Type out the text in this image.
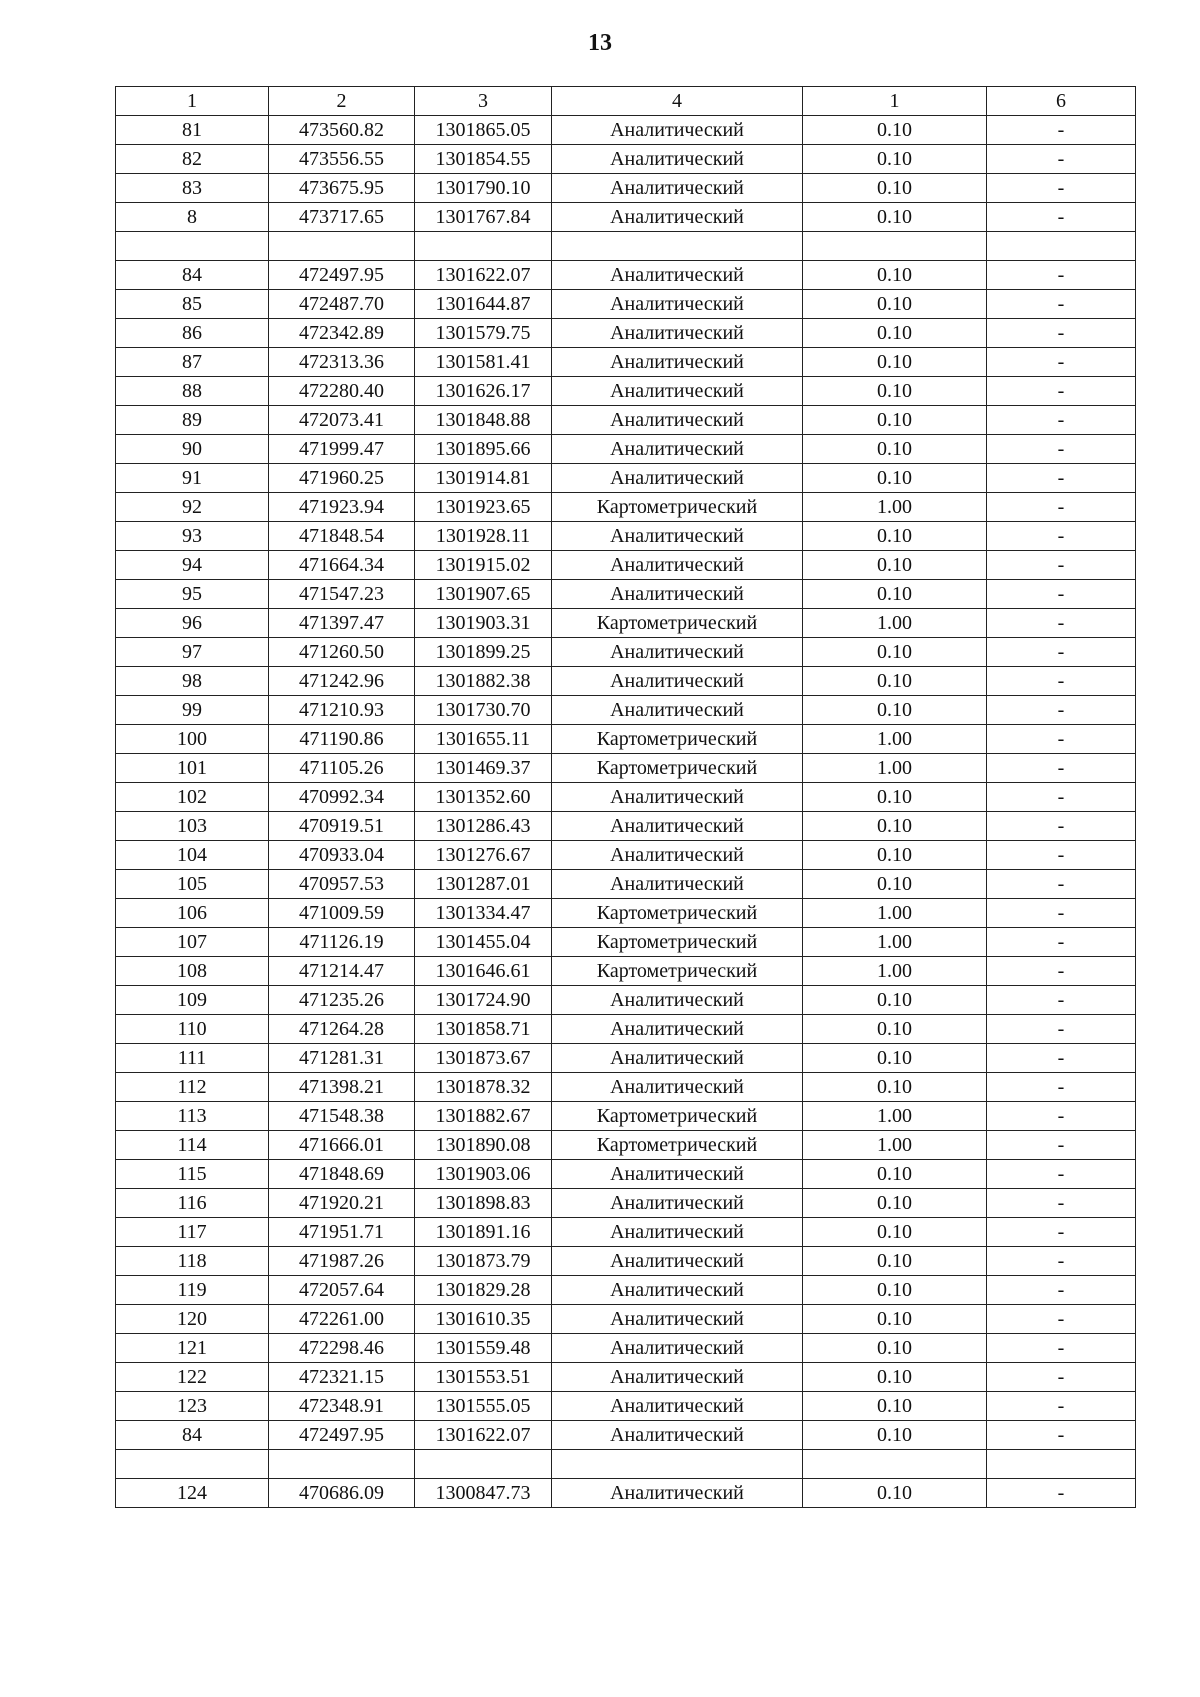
13
1	2	3	4	1	6
81	473560.82	1301865.05	Аналитический	0.10	-
82	473556.55	1301854.55	Аналитический	0.10	-
83	473675.95	1301790.10	Аналитический	0.10	-
8	473717.65	1301767.84	Аналитический	0.10	-

84	472497.95	1301622.07	Аналитический	0.10	-
85	472487.70	1301644.87	Аналитический	0.10	-
86	472342.89	1301579.75	Аналитический	0.10	-
87	472313.36	1301581.41	Аналитический	0.10	-
88	472280.40	1301626.17	Аналитический	0.10	-
89	472073.41	1301848.88	Аналитический	0.10	-
90	471999.47	1301895.66	Аналитический	0.10	-
91	471960.25	1301914.81	Аналитический	0.10	-
92	471923.94	1301923.65	Картометрический	1.00	-
93	471848.54	1301928.11	Аналитический	0.10	-
94	471664.34	1301915.02	Аналитический	0.10	-
95	471547.23	1301907.65	Аналитический	0.10	-
96	471397.47	1301903.31	Картометрический	1.00	-
97	471260.50	1301899.25	Аналитический	0.10	-
98	471242.96	1301882.38	Аналитический	0.10	-
99	471210.93	1301730.70	Аналитический	0.10	-
100	471190.86	1301655.11	Картометрический	1.00	-
101	471105.26	1301469.37	Картометрический	1.00	-
102	470992.34	1301352.60	Аналитический	0.10	-
103	470919.51	1301286.43	Аналитический	0.10	-
104	470933.04	1301276.67	Аналитический	0.10	-
105	470957.53	1301287.01	Аналитический	0.10	-
106	471009.59	1301334.47	Картометрический	1.00	-
107	471126.19	1301455.04	Картометрический	1.00	-
108	471214.47	1301646.61	Картометрический	1.00	-
109	471235.26	1301724.90	Аналитический	0.10	-
110	471264.28	1301858.71	Аналитический	0.10	-
111	471281.31	1301873.67	Аналитический	0.10	-
112	471398.21	1301878.32	Аналитический	0.10	-
113	471548.38	1301882.67	Картометрический	1.00	-
114	471666.01	1301890.08	Картометрический	1.00	-
115	471848.69	1301903.06	Аналитический	0.10	-
116	471920.21	1301898.83	Аналитический	0.10	-
117	471951.71	1301891.16	Аналитический	0.10	-
118	471987.26	1301873.79	Аналитический	0.10	-
119	472057.64	1301829.28	Аналитический	0.10	-
120	472261.00	1301610.35	Аналитический	0.10	-
121	472298.46	1301559.48	Аналитический	0.10	-
122	472321.15	1301553.51	Аналитический	0.10	-
123	472348.91	1301555.05	Аналитический	0.10	-
84	472497.95	1301622.07	Аналитический	0.10	-

124	470686.09	1300847.73	Аналитический	0.10	-
